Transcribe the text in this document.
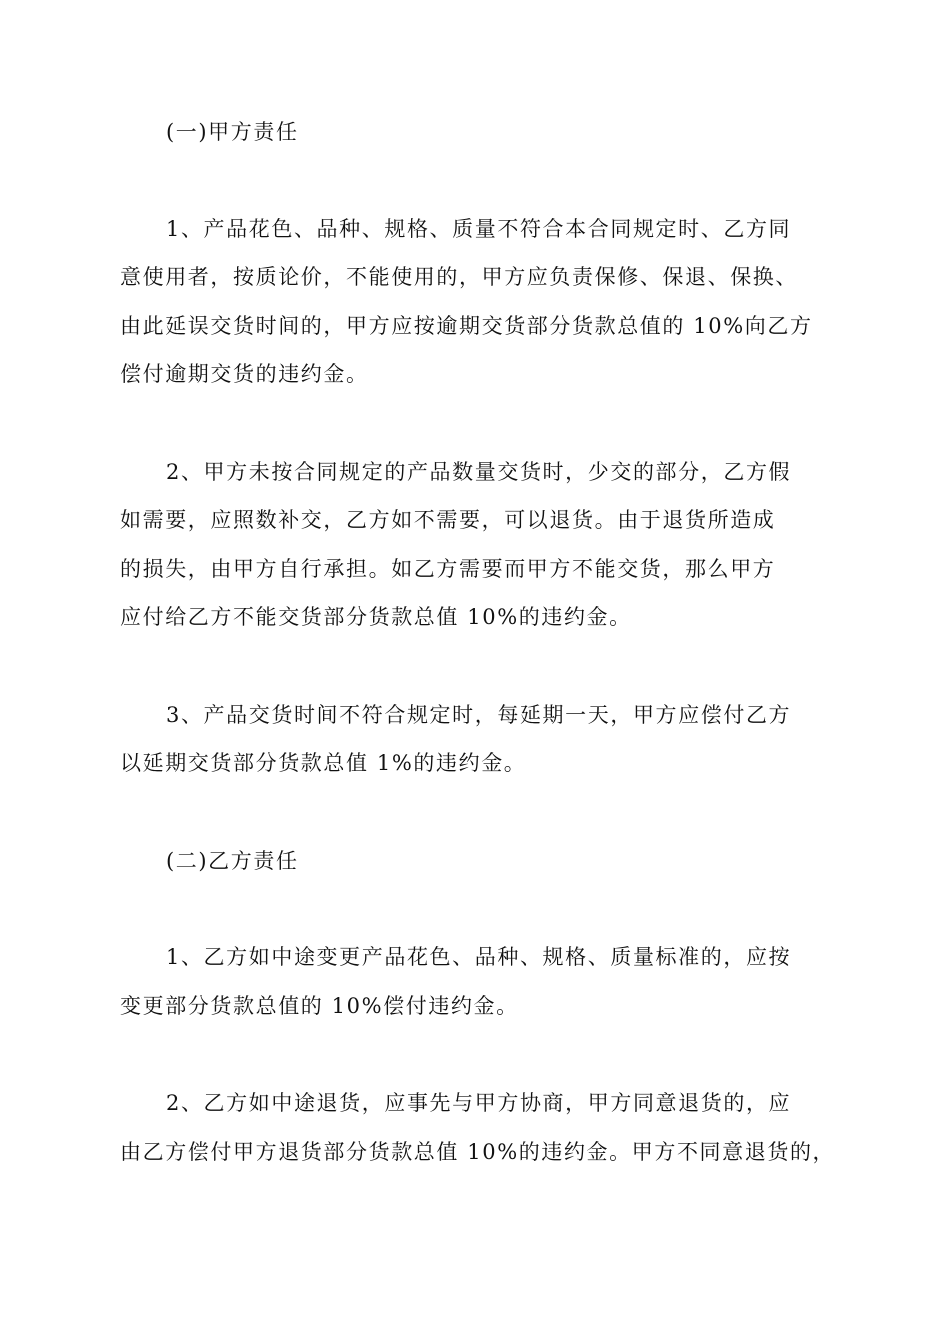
(一)甲方责任

1、产品花色、品种、规格、质量不符合本合同规定时、乙方同
意使用者，按质论价，不能使用的，甲方应负责保修、保退、保换、
由此延误交货时间的，甲方应按逾期交货部分货款总值的 10%向乙方
偿付逾期交货的违约金。
2、甲方未按合同规定的产品数量交货时，少交的部分，乙方假
如需要，应照数补交，乙方如不需要，可以退货。由于退货所造成
的损失，由甲方自行承担。如乙方需要而甲方不能交货，那么甲方
应付给乙方不能交货部分货款总值 10%的违约金。
3、产品交货时间不符合规定时，每延期一天，甲方应偿付乙方
以延期交货部分货款总值 1%的违约金。

(二)乙方责任

1、乙方如中途变更产品花色、品种、规格、质量标准的，应按
变更部分货款总值的 10%偿付违约金。
2、乙方如中途退货，应事先与甲方协商，甲方同意退货的，应
由乙方偿付甲方退货部分货款总值 10%的违约金。甲方不同意退货的，
